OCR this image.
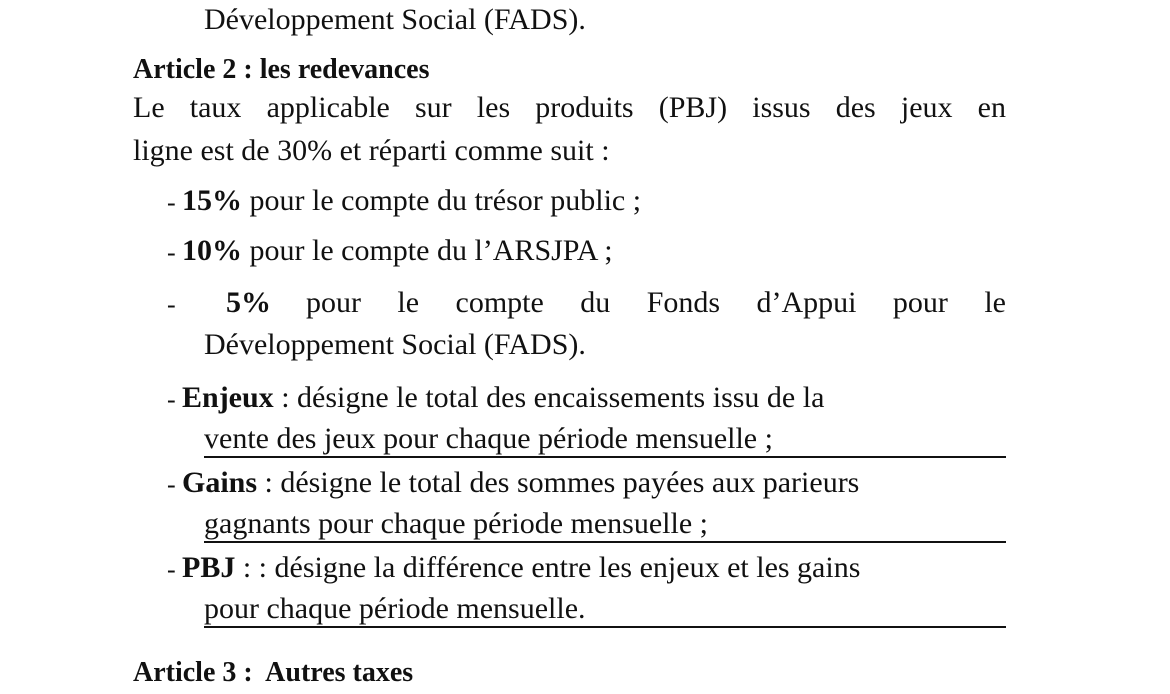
Développement Social (FADS).
Article 2 : les redevances
Le taux applicable sur les produits (PBJ) issus des jeux en
ligne est de 30% et réparti comme suit :
- 15% pour le compte du trésor public ;
- 10% pour le compte du l’ARSJPA ;
- 5% pour le compte du Fonds d’Appui pour le
Développement Social (FADS).
- Enjeux : désigne le total des encaissements issu de la
vente des jeux pour chaque période mensuelle ;
- Gains : désigne le total des sommes payées aux parieurs
gagnants pour chaque période mensuelle ;
- PBJ : : désigne la différence entre les enjeux et les gains
pour chaque période mensuelle.
Article 3 :  Autres taxes
